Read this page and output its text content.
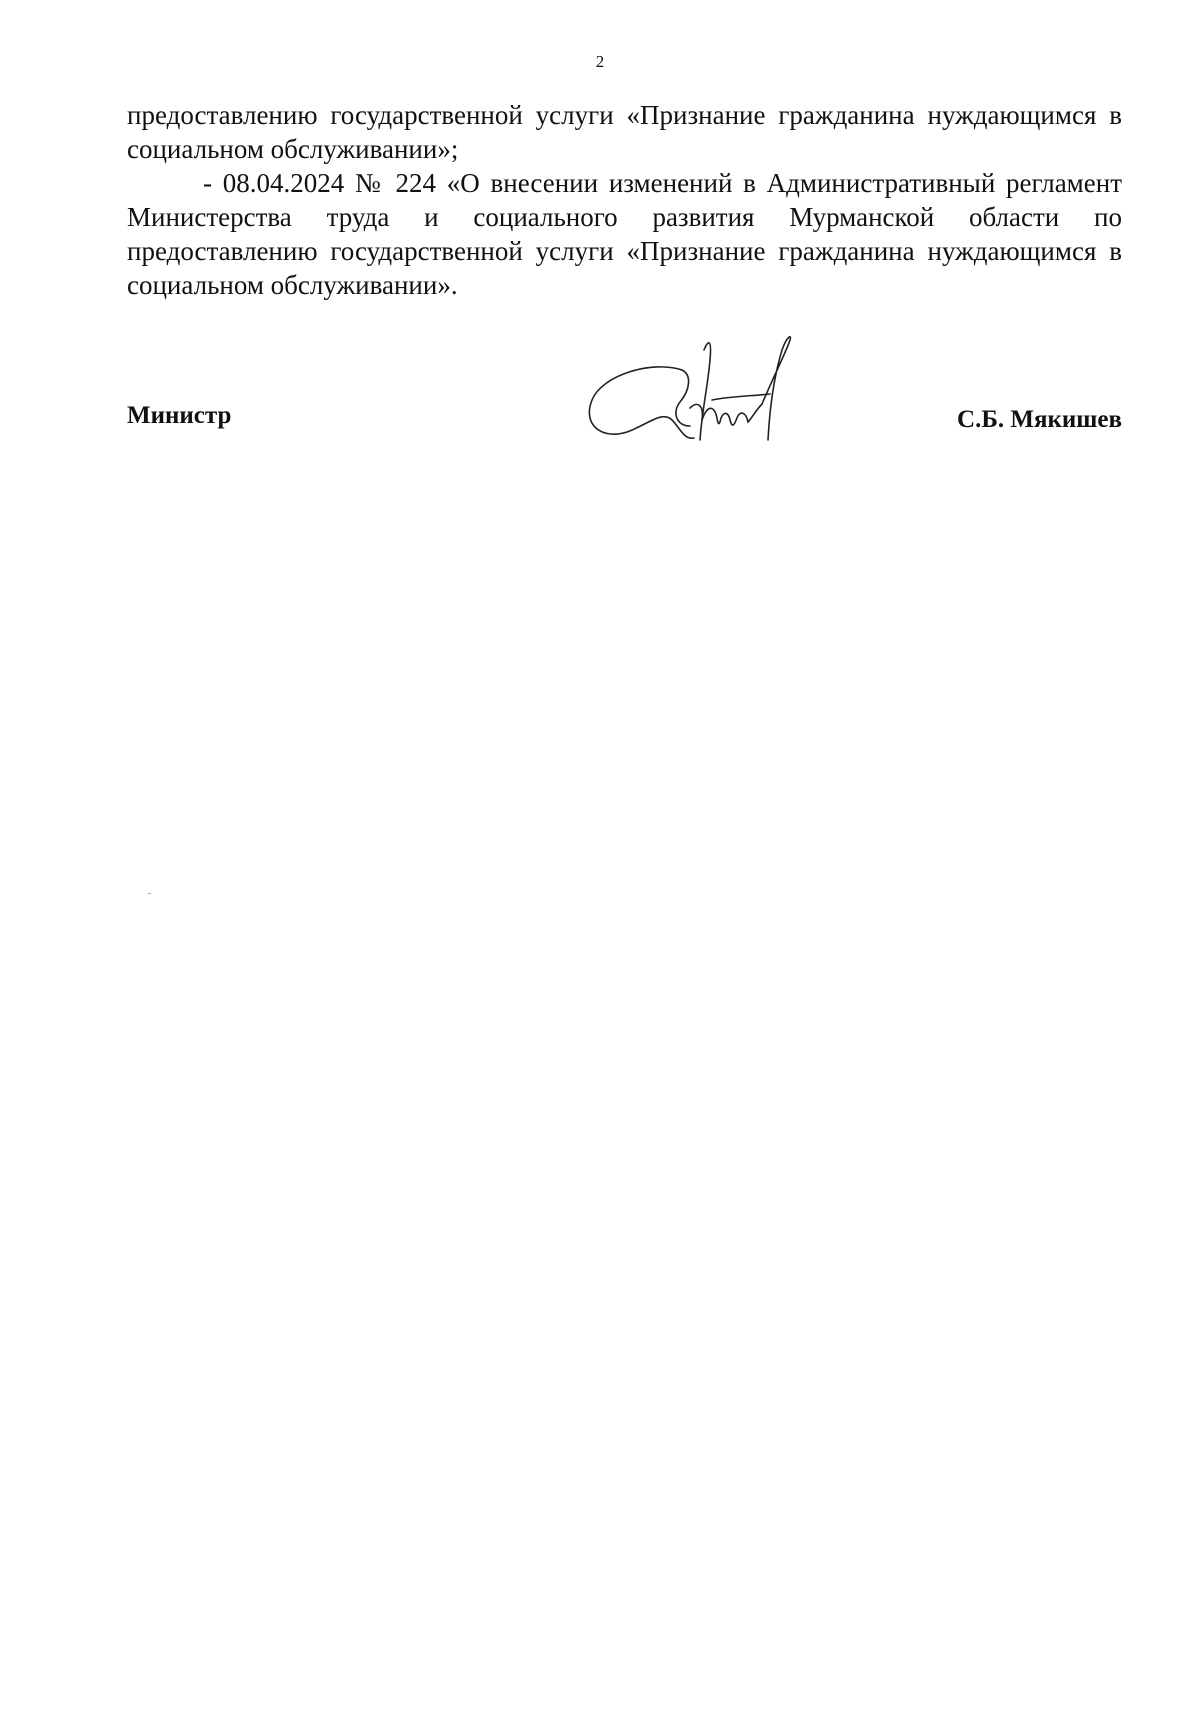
2

предоставлению государственной услуги «Признание гражданина нуждающимся в социальном обслуживании»;

- 08.04.2024 № 224 «О внесении изменений в Административный регламент Министерства труда и социального развития Мурманской области по предоставлению государственной услуги «Признание гражданина нуждающимся в социальном обслуживании».

Министр	С.Б. Мякишев
